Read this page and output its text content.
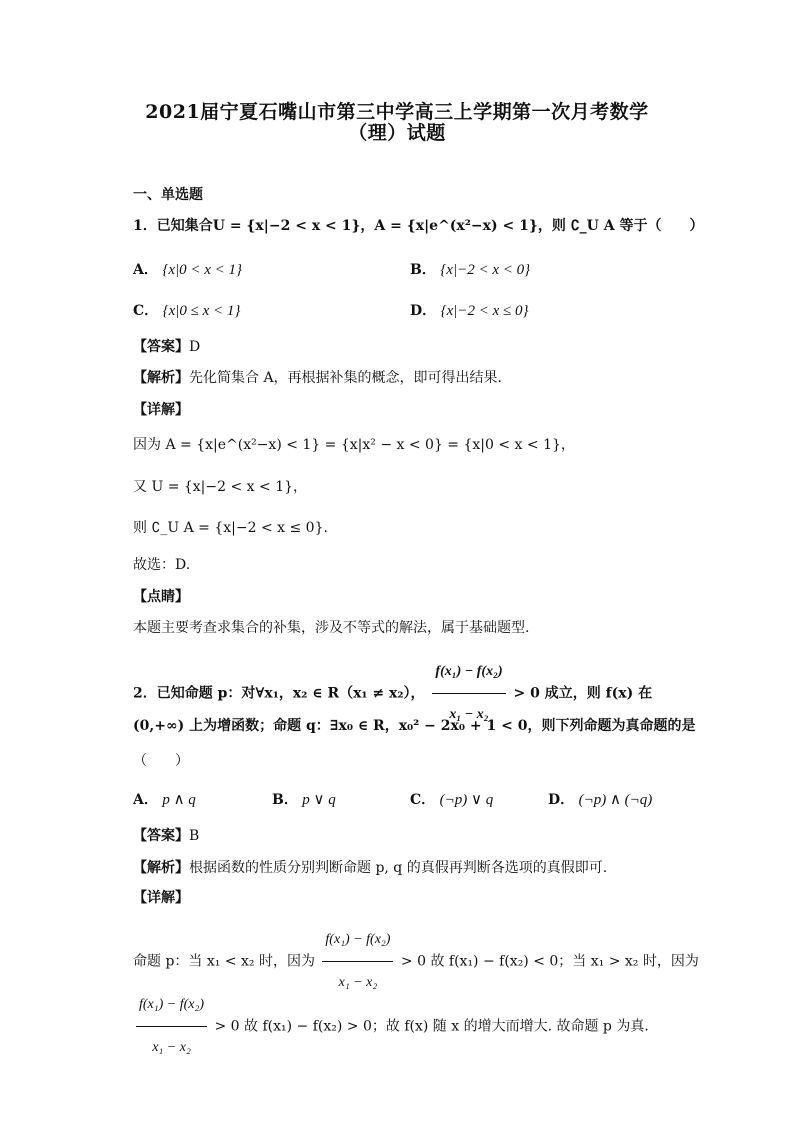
2021届宁夏石嘴山市第三中学高三上学期第一次月考数学
（理）试题
一、单选题
1．已知集合U = {x|−2 < x < 1}，A = {x|e^(x²−x) < 1}，则 ∁_U A 等于（　　）
A． {x|0 < x < 1}	B． {x|−2 < x < 0}
C． {x|0 ≤ x < 1}	D． {x|−2 < x ≤ 0}
【答案】D
【解析】先化简集合 A，再根据补集的概念，即可得出结果.
【详解】
因为 A = {x|e^(x²−x) < 1} = {x|x² − x < 0} = {x|0 < x < 1}，
又 U = {x|−2 < x < 1}，
则 ∁_U A = {x|−2 < x ≤ 0}.
故选：D.
【点睛】
本题主要考查求集合的补集，涉及不等式的解法，属于基础题型.
2．已知命题 p：对∀x₁，x₂ ∈ R（x₁ ≠ x₂）， $\frac{\text{f(x₁) − f(x₂)}}{\text{x₁ − x₂}} > 0$ 成立，则 f(x) 在
(0,+∞) 上为增函数；命题 q：∃x₀ ∈ R，x₀² − 2x₀ + 1 < 0，则下列命题为真命题的是
（　　）
A． p ∧ q	B． p ∨ q	C． (¬p) ∨ q	D． (¬p) ∧ (¬q)
【答案】B
【解析】根据函数的性质分别判断命题 p, q 的真假再判断各选项的真假即可.
【详解】
命题 p：当 x₁ < x₂ 时，因为 $\frac{\text{f(x₁) − f(x₂)}}{\text{x₁ − x₂}} > 0$ 故 f(x₁) − f(x₂) < 0；当 x₁ > x₂ 时，因为
$\frac{\text{f(x₁) − f(x₂)}}{\text{x₁ − x₂}} > 0$ 故 f(x₁) − f(x₂) > 0；故 f(x) 随 x 的增大而增大. 故命题 p 为真.
